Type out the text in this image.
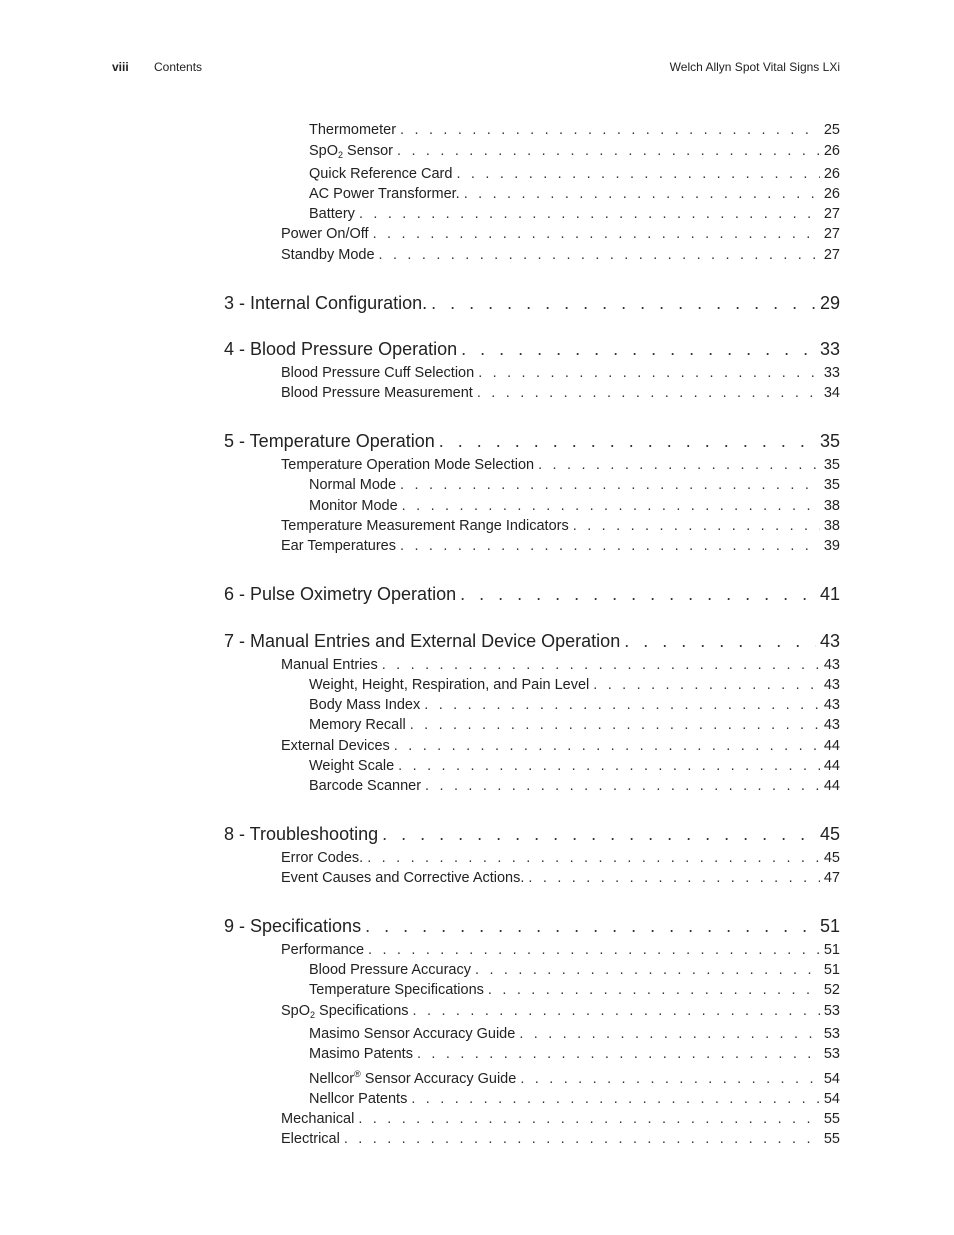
viii Contents	Welch Allyn Spot Vital Signs LXi
Thermometer . . .	25
SpO$_2$ Sensor . . .	26
Quick Reference Card . . .	26
AC Power Transformer. . . .	26
Battery . . .	27
Power On/Off . . .	27
Standby Mode . . .	27
3 - Internal Configuration. . . .	29
4 - Blood Pressure Operation . . .	33
Blood Pressure Cuff Selection . . .	33
Blood Pressure Measurement . . .	34
5 - Temperature Operation . . .	35
Temperature Operation Mode Selection . . .	35
Normal Mode . . .	35
Monitor Mode . . .	38
Temperature Measurement Range Indicators . . .	38
Ear Temperatures . . .	39
6 - Pulse Oximetry Operation . . .	41
7 - Manual Entries and External Device Operation . . .	43
Manual Entries . . .	43
Weight, Height, Respiration, and Pain Level . . .	43
Body Mass Index . . .	43
Memory Recall . . .	43
External Devices . . .	44
Weight Scale . . .	44
Barcode Scanner . . .	44
8 - Troubleshooting . . .	45
Error Codes. . . .	45
Event Causes and Corrective Actions. . . .	47
9 - Specifications . . .	51
Performance . . .	51
Blood Pressure Accuracy . . .	51
Temperature Specifications . . .	52
SpO$_2$ Specifications . . .	53
Masimo Sensor Accuracy Guide . . .	53
Masimo Patents . . .	53
Nellcor® Sensor Accuracy Guide . . .	54
Nellcor Patents . . .	54
Mechanical . . .	55
Electrical . . .	55
